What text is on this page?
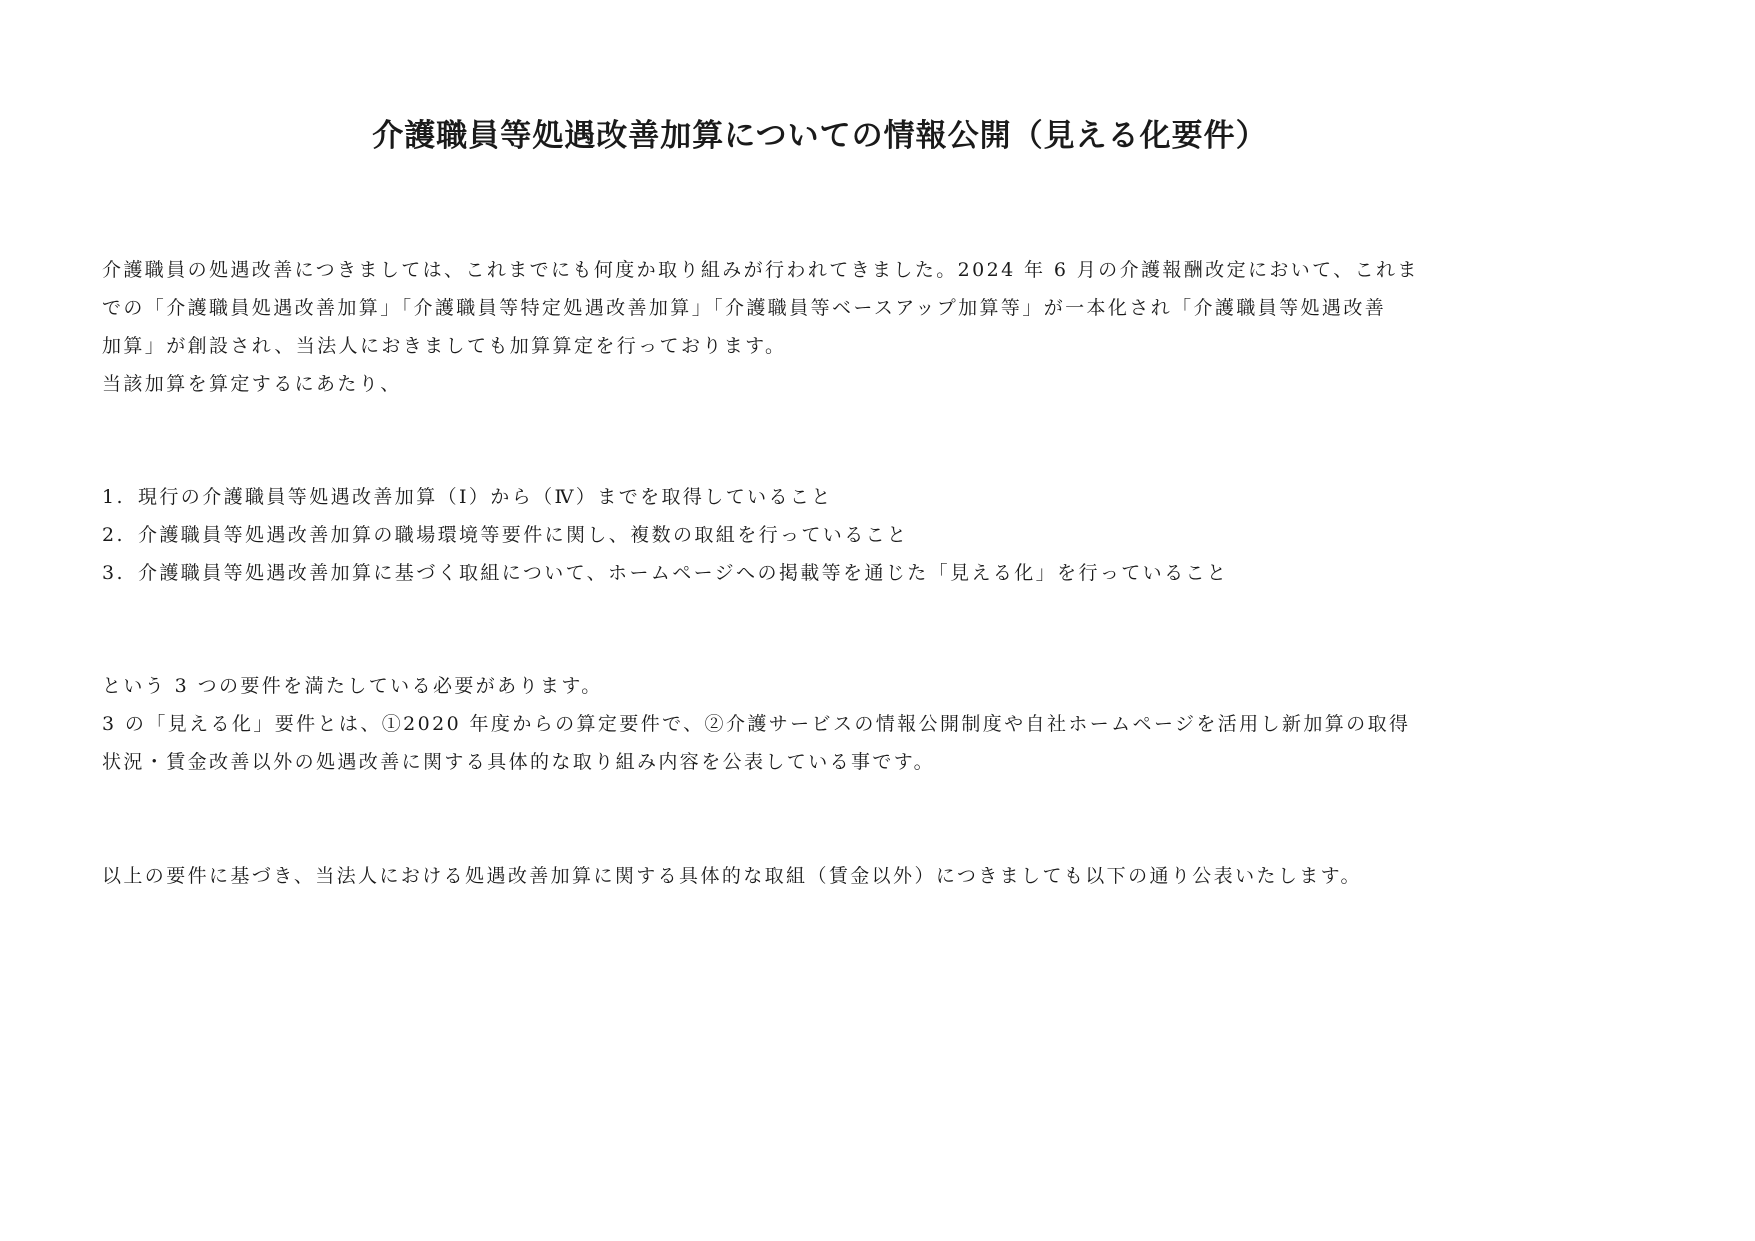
介護職員等処遇改善加算についての情報公開（見える化要件）
介護職員の処遇改善につきましては、これまでにも何度か取り組みが行われてきました。2024 年 6 月の介護報酬改定において、これま
での「介護職員処遇改善加算」「介護職員等特定処遇改善加算」「介護職員等ベースアップ加算等」が一本化され「介護職員等処遇改善
加算」が創設され、当法人におきましても加算算定を行っております。
当該加算を算定するにあたり、
1. 現行の介護職員等処遇改善加算（Ⅰ）から（Ⅳ）までを取得していること
2. 介護職員等処遇改善加算の職場環境等要件に関し、複数の取組を行っていること
3. 介護職員等処遇改善加算に基づく取組について、ホームページへの掲載等を通じた「見える化」を行っていること
という 3 つの要件を満たしている必要があります。
3 の「見える化」要件とは、①2020 年度からの算定要件で、②介護サービスの情報公開制度や自社ホームページを活用し新加算の取得
状況・賃金改善以外の処遇改善に関する具体的な取り組み内容を公表している事です。
以上の要件に基づき、当法人における処遇改善加算に関する具体的な取組（賃金以外）につきましても以下の通り公表いたします。
